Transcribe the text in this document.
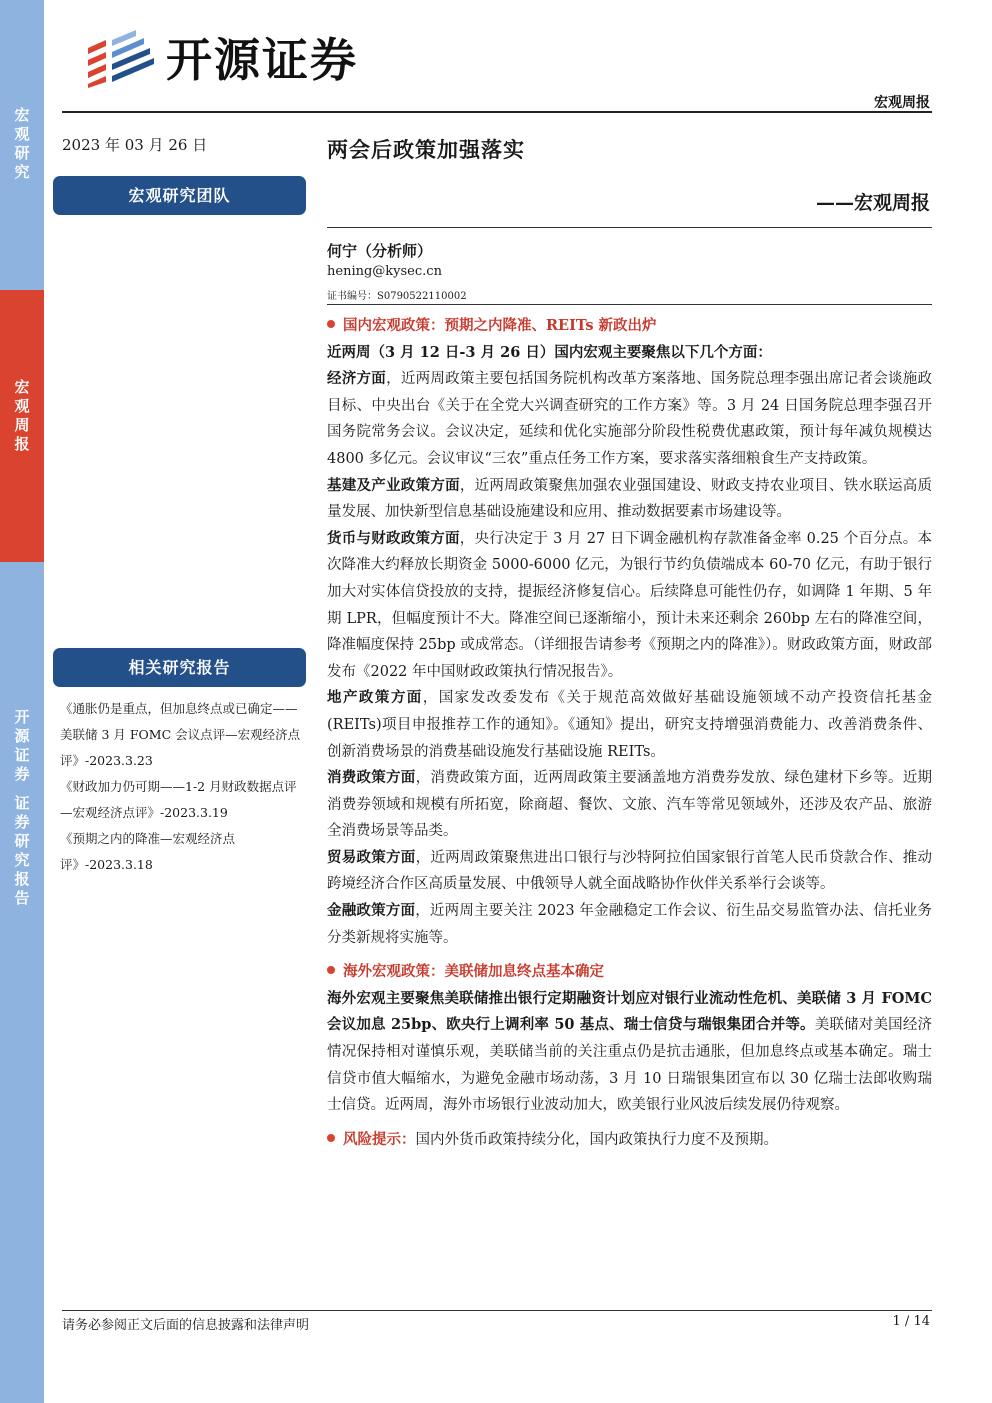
宏
观
研
究
宏
观
周
报
开
源
证
券
证
券
研
究
报
告
开源证券
宏观周报
2023 年 03 月 26 日	两会后政策加强落实
——宏观周报
宏观研究团队
相关研究报告
何宁（分析师）
hening@kysec.cn
证书编号：S0790522110002

《通胀仍是重点，但加息终点或已确定——美联储 3 月 FOMC 会议点评—宏观经济点评》-2023.3.23

《财政加力仍可期——1-2 月财政数据点评—宏观经济点评》-2023.3.19

《预期之内的降准—宏观经济点评》-2023.3.18

国内宏观政策：预期之内降准、REITs 新政出炉

近两周（3 月 12 日-3 月 26 日）国内宏观主要聚焦以下几个方面：

经济方面，近两周政策主要包括国务院机构改革方案落地、国务院总理李强出席记者会谈施政目标、中央出台《关于在全党大兴调查研究的工作方案》等。3 月 24 日国务院总理李强召开国务院常务会议。会议决定，延续和优化实施部分阶段性税费优惠政策，预计每年减负规模达 4800 多亿元。会议审议“三农”重点任务工作方案，要求落实落细粮食生产支持政策。

基建及产业政策方面，近两周政策聚焦加强农业强国建设、财政支持农业项目、铁水联运高质量发展、加快新型信息基础设施建设和应用、推动数据要素市场建设等。

货币与财政政策方面，央行决定于 3 月 27 日下调金融机构存款准备金率 0.25 个百分点。本次降准大约释放长期资金 5000-6000 亿元，为银行节约负债端成本 60-70 亿元，有助于银行加大对实体信贷投放的支持，提振经济修复信心。后续降息可能性仍存，如调降 1 年期、5 年期 LPR，但幅度预计不大。降准空间已逐渐缩小，预计未来还剩余 260bp 左右的降准空间，降准幅度保持 25bp 或成常态。（详细报告请参考《预期之内的降准》）。财政政策方面，财政部发布《2022 年中国财政政策执行情况报告》。

地产政策方面，国家发改委发布《关于规范高效做好基础设施领域不动产投资信托基金(REITs)项目申报推荐工作的通知》。《通知》提出，研究支持增强消费能力、改善消费条件、创新消费场景的消费基础设施发行基础设施 REITs。

消费政策方面，消费政策方面，近两周政策主要涵盖地方消费券发放、绿色建材下乡等。近期消费券领域和规模有所拓宽，除商超、餐饮、文旅、汽车等常见领域外，还涉及农产品、旅游全消费场景等品类。

贸易政策方面，近两周政策聚焦进出口银行与沙特阿拉伯国家银行首笔人民币贷款合作、推动跨境经济合作区高质量发展、中俄领导人就全面战略协作伙伴关系举行会谈等。

金融政策方面，近两周主要关注 2023 年金融稳定工作会议、衍生品交易监管办法、信托业务分类新规将实施等。

海外宏观政策：美联储加息终点基本确定

海外宏观主要聚焦美联储推出银行定期融资计划应对银行业流动性危机、美联储 3 月 FOMC 会议加息 25bp、欧央行上调利率 50 基点、瑞士信贷与瑞银集团合并等。美联储对美国经济情况保持相对谨慎乐观，美联储当前的关注重点仍是抗击通胀，但加息终点或基本确定。瑞士信贷市值大幅缩水，为避免金融市场动荡，3 月 10 日瑞银集团宣布以 30 亿瑞士法郎收购瑞士信贷。近两周，海外市场银行业波动加大，欧美银行业风波后续发展仍待观察。

风险提示：国内外货币政策持续分化，国内政策执行力度不及预期。

请务必参阅正文后面的信息披露和法律声明	1 / 14
